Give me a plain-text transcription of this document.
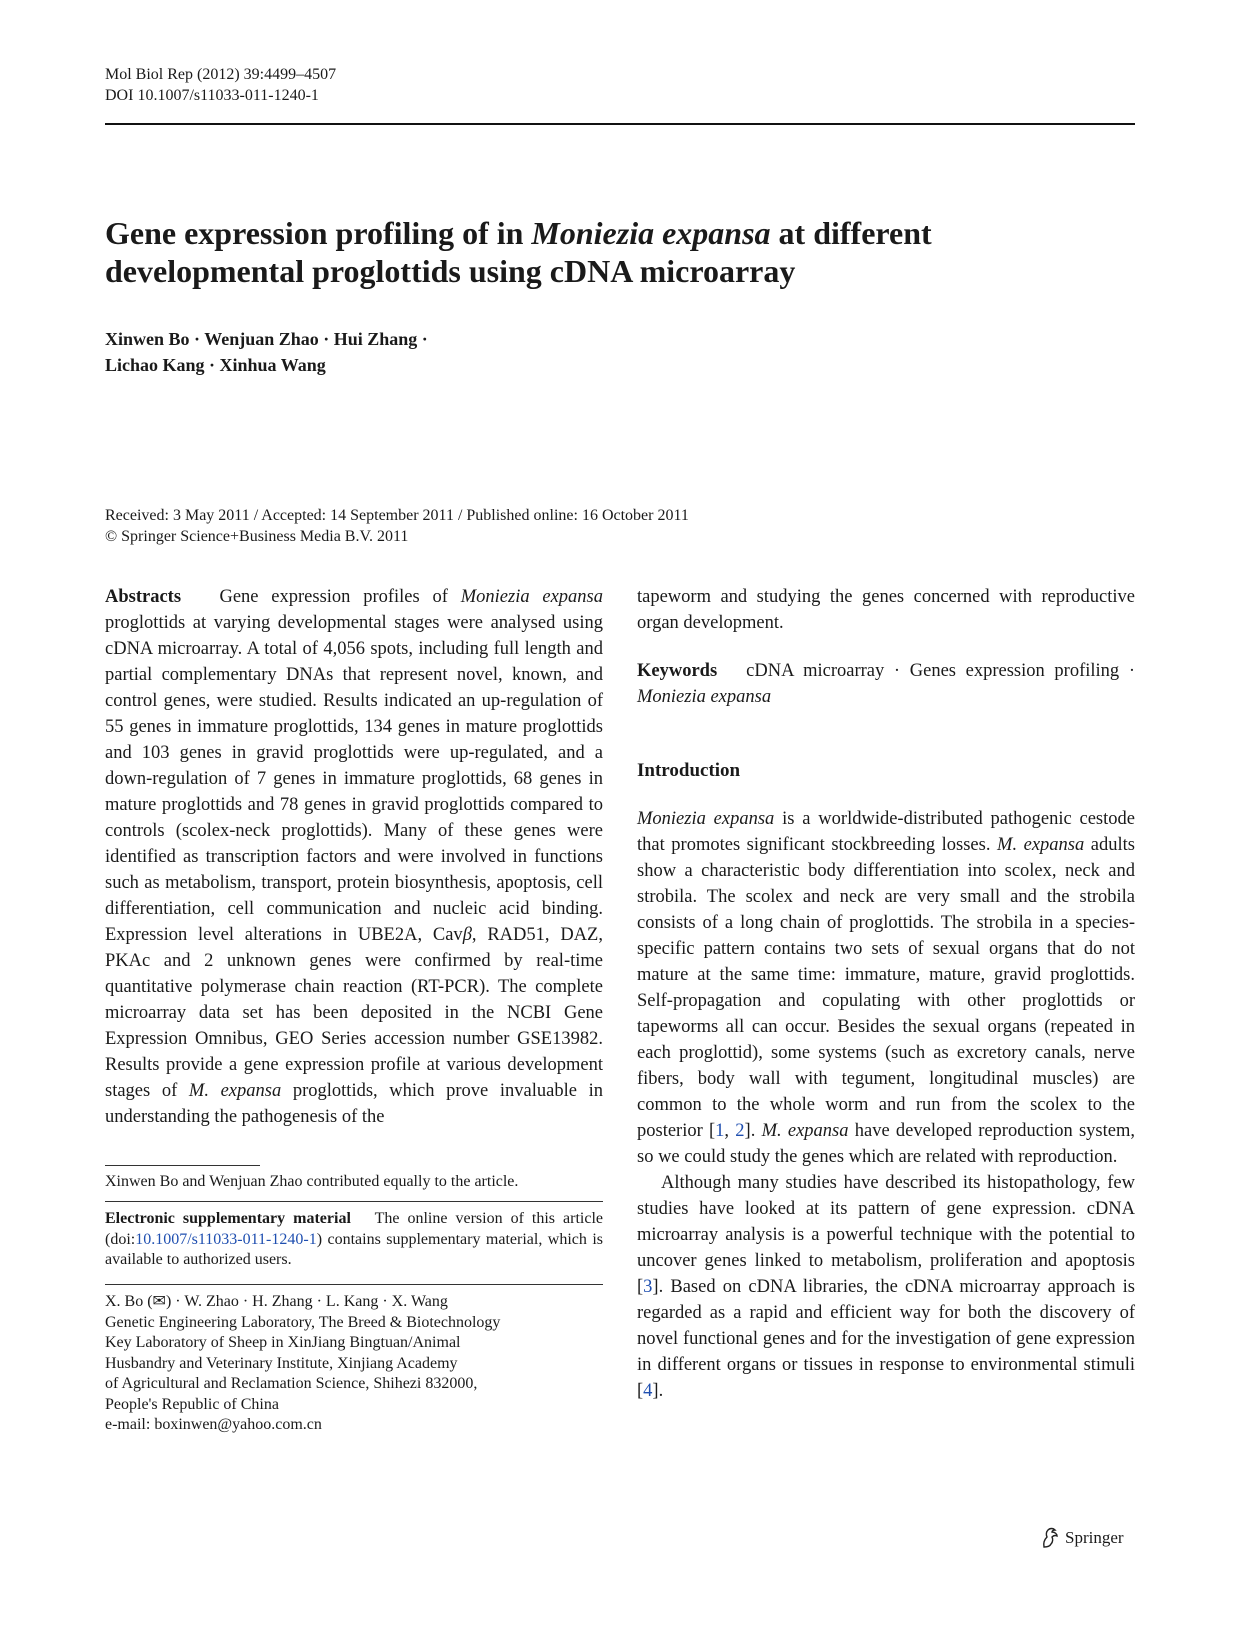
Mol Biol Rep (2012) 39:4499–4507
DOI 10.1007/s11033-011-1240-1
Gene expression profiling of in Moniezia expansa at different developmental proglottids using cDNA microarray
Xinwen Bo · Wenjuan Zhao · Hui Zhang ·
Lichao Kang · Xinhua Wang
Received: 3 May 2011 / Accepted: 14 September 2011 / Published online: 16 October 2011
© Springer Science+Business Media B.V. 2011

Abstracts Gene expression profiles of Moniezia expansa proglottids at varying developmental stages were analysed using cDNA microarray. A total of 4,056 spots, including full length and partial complementary DNAs that represent novel, known, and control genes, were studied. Results indicated an up-regulation of 55 genes in immature proglottids, 134 genes in mature proglottids and 103 genes in gravid proglottids were up-regulated, and a down-regulation of 7 genes in immature proglottids, 68 genes in mature proglottids and 78 genes in gravid proglottids compared to controls (scolex-neck proglottids). Many of these genes were identified as transcription factors and were involved in functions such as metabolism, transport, protein biosynthesis, apoptosis, cell differentiation, cell communication and nucleic acid binding. Expression level alterations in UBE2A, Cavβ, RAD51, DAZ, PKAc and 2 unknown genes were confirmed by real-time quantitative polymerase chain reaction (RT-PCR). The complete microarray data set has been deposited in the NCBI Gene Expression Omnibus, GEO Series accession number GSE13982. Results provide a gene expression profile at various development stages of M. expansa proglottids, which prove invaluable in understanding the pathogenesis of the

Xinwen Bo and Wenjuan Zhao contributed equally to the article.
Electronic supplementary material The online version of this article (doi:10.1007/s11033-011-1240-1) contains supplementary material, which is available to authorized users.
X. Bo (✉) · W. Zhao · H. Zhang · L. Kang · X. Wang
Genetic Engineering Laboratory, The Breed & Biotechnology
Key Laboratory of Sheep in XinJiang Bingtuan/Animal
Husbandry and Veterinary Institute, Xinjiang Academy
of Agricultural and Reclamation Science, Shihezi 832000,
People's Republic of China
e-mail: boxinwen@yahoo.com.cn

tapeworm and studying the genes concerned with reproductive organ development.

Keywords cDNA microarray · Genes expression profiling · Moniezia expansa

Introduction

Moniezia expansa is a worldwide-distributed pathogenic cestode that promotes significant stockbreeding losses. M. expansa adults show a characteristic body differentiation into scolex, neck and strobila. The scolex and neck are very small and the strobila consists of a long chain of proglottids. The strobila in a species-specific pattern contains two sets of sexual organs that do not mature at the same time: immature, mature, gravid proglottids. Self-propagation and copulating with other proglottids or tapeworms all can occur. Besides the sexual organs (repeated in each proglottid), some systems (such as excretory canals, nerve fibers, body wall with tegument, longitudinal muscles) are common to the whole worm and run from the scolex to the posterior [1, 2]. M. expansa have developed reproduction system, so we could study the genes which are related with reproduction.

Although many studies have described its histopathology, few studies have looked at its pattern of gene expression. cDNA microarray analysis is a powerful technique with the potential to uncover genes linked to metabolism, proliferation and apoptosis [3]. Based on cDNA libraries, the cDNA microarray approach is regarded as a rapid and efficient way for both the discovery of novel functional genes and for the investigation of gene expression in different organs or tissues in response to environmental stimuli [4].

Springer
